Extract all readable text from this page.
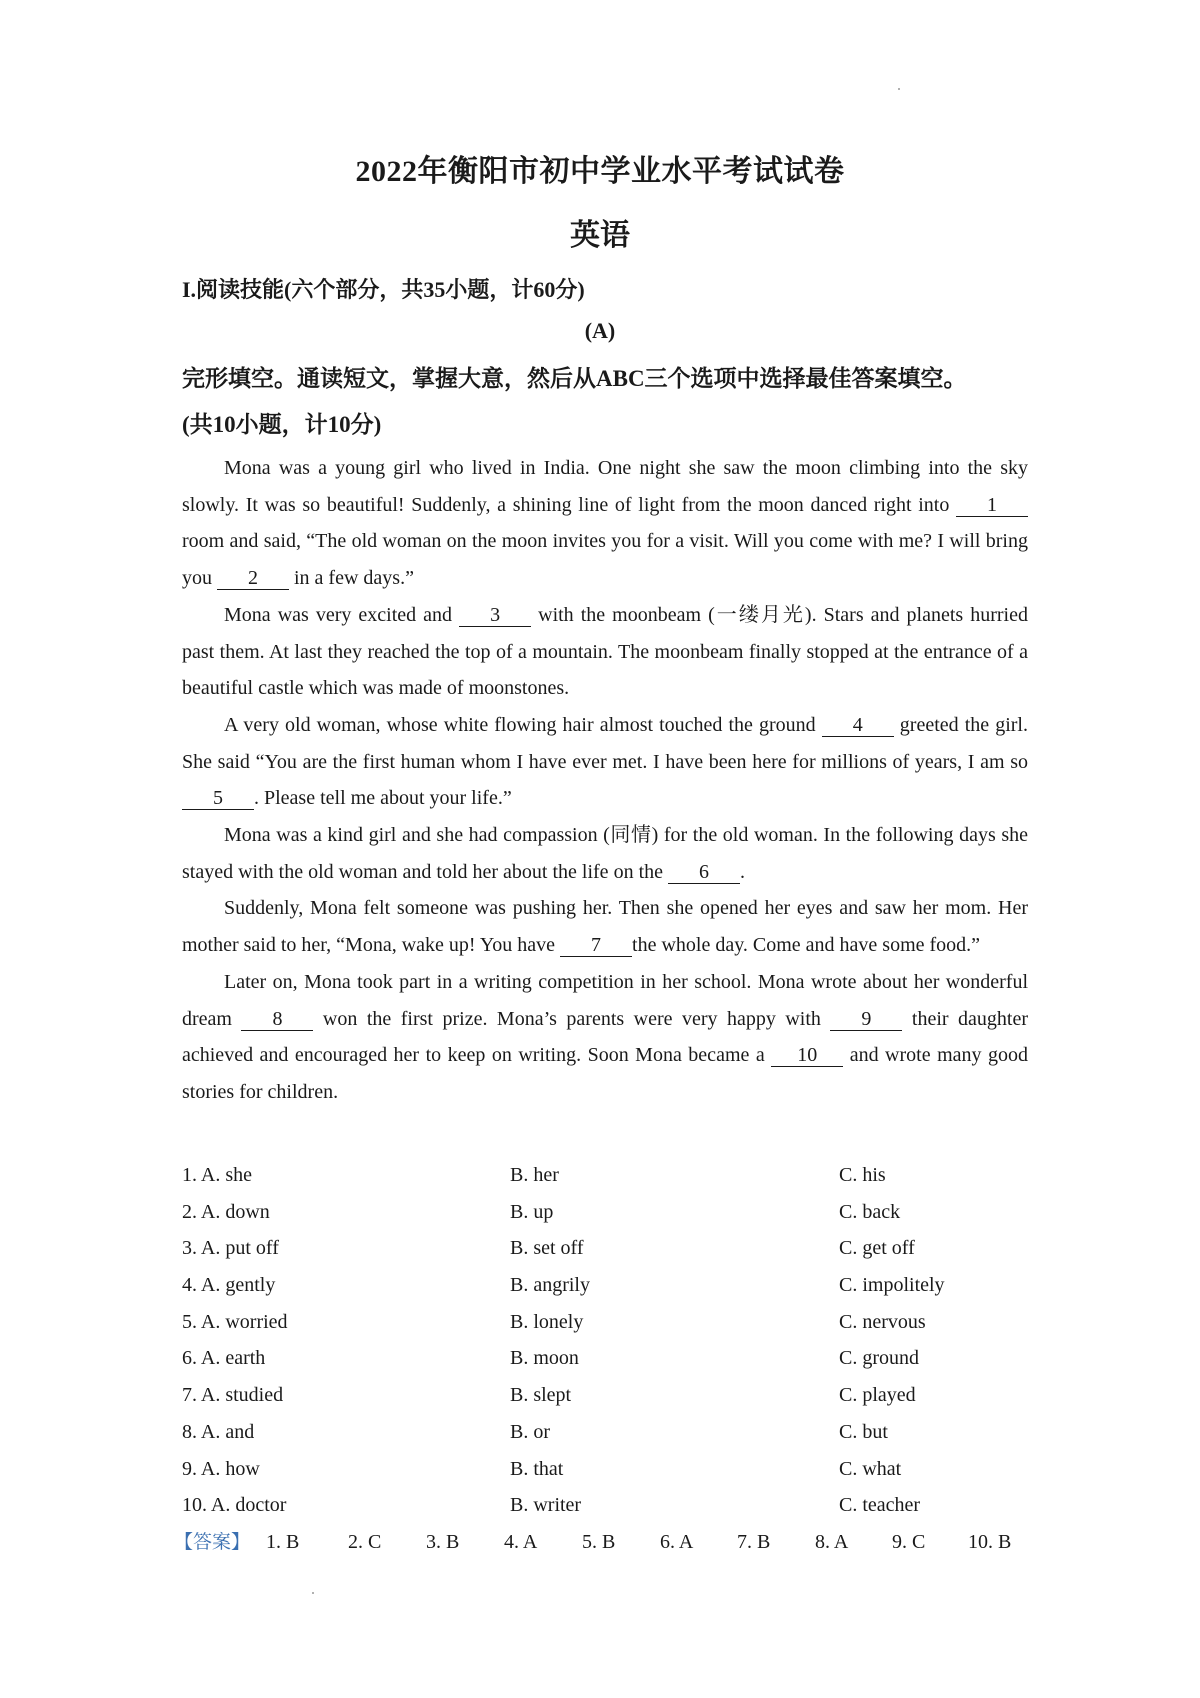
2022年衡阳市初中学业水平考试试卷
英语
I.阅读技能(六个部分，共35小题，计60分)
(A)
完形填空。通读短文，掌握大意，然后从ABC三个选项中选择最佳答案填空。
(共10小题，计10分)

Mona was a young girl who lived in India. One night she saw the moon climbing into the sky slowly. It was so beautiful! Suddenly, a shining line of light from the moon danced right into 1 room and said, “The old woman on the moon invites you for a visit. Will you come with me? I will bring you 2 in a few days.”

Mona was very excited and 3 with the moonbeam (一缕月光). Stars and planets hurried past them. At last they reached the top of a mountain. The moonbeam finally stopped at the entrance of a beautiful castle which was made of moonstones.

A very old woman, whose white flowing hair almost touched the ground 4 greeted the girl. She said “You are the first human whom I have ever met. I have been here for millions of years, I am so 5 . Please tell me about your life.”

Mona was a kind girl and she had compassion (同情) for the old woman. In the following days she stayed with the old woman and told her about the life on the 6 .

Suddenly, Mona felt someone was pushing her. Then she opened her eyes and saw her mom. Her mother said to her, “Mona, wake up! You have 7 the whole day. Come and have some food.”

Later on, Mona took part in a writing competition in her school. Mona wrote about her wonderful dream 8 won the first prize. Mona’s parents were very happy with 9 their daughter achieved and encouraged her to keep on writing. Soon Mona became a 10 and wrote many good stories for children.

1. A. she	B. her	C. his
2. A. down	B. up	C. back
3. A. put off	B. set off	C. get off
4. A. gently	B. angrily	C. impolitely
5. A. worried	B. lonely	C. nervous
6. A. earth	B. moon	C. ground
7. A. studied	B. slept	C. played
8. A. and	B. or	C. but
9. A. how	B. that	C. what
10. A. doctor	B. writer	C. teacher
【答案】 1. B 2. C 3. B 4. A 5. B 6. A 7. B 8. A 9. C 10. B
